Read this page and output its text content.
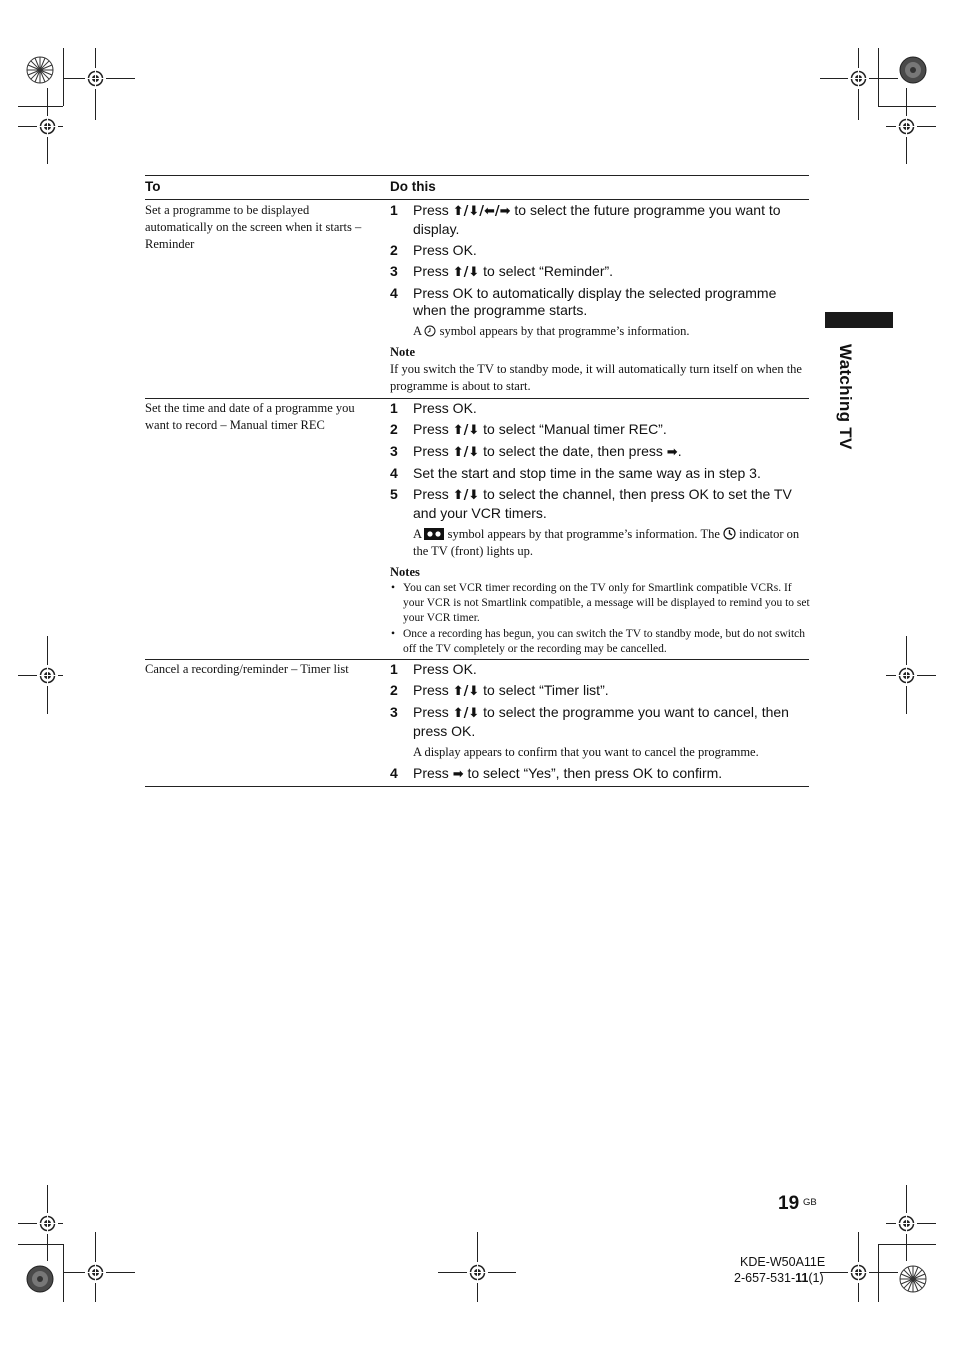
To	Do this
Set a programme to be displayed automatically on the screen when it starts – Reminder
1 Press ⬆/⬇/⬅/➡ to select the future programme you want to display.
2 Press OK.
3 Press ⬆/⬇ to select “Reminder”.
4 Press OK to automatically display the selected programme when the programme starts.
A  symbol appears by that programme’s information.
Note
If you switch the TV to standby mode, it will automatically turn itself on when the programme is about to start.
Set the time and date of a programme you want to record – Manual timer REC
1 Press OK.
2 Press ⬆/⬇ to select “Manual timer REC”.
3 Press ⬆/⬇ to select the date, then press ➡.
4 Set the start and stop time in the same way as in step 3.
5 Press ⬆/⬇ to select the channel, then press OK to set the TV and your VCR timers.
A  symbol appears by that programme’s information. The  indicator on the TV (front) lights up.
Notes
• You can set VCR timer recording on the TV only for Smartlink compatible VCRs. If your VCR is not Smartlink compatible, a message will be displayed to remind you to set your VCR timer.
• Once a recording has begun, you can switch the TV to standby mode, but do not switch off the TV completely or the recording may be cancelled.
Cancel a recording/reminder – Timer list	1 Press OK.
2 Press ⬆/⬇ to select “Timer list”.
3 Press ⬆/⬇ to select the programme you want to cancel, then press OK.
A display appears to confirm that you want to cancel the programme.
4 Press ➡ to select “Yes”, then press OK to confirm.
Watching TV
19 GB
KDE-W50A11E
2-657-531-11(1)
